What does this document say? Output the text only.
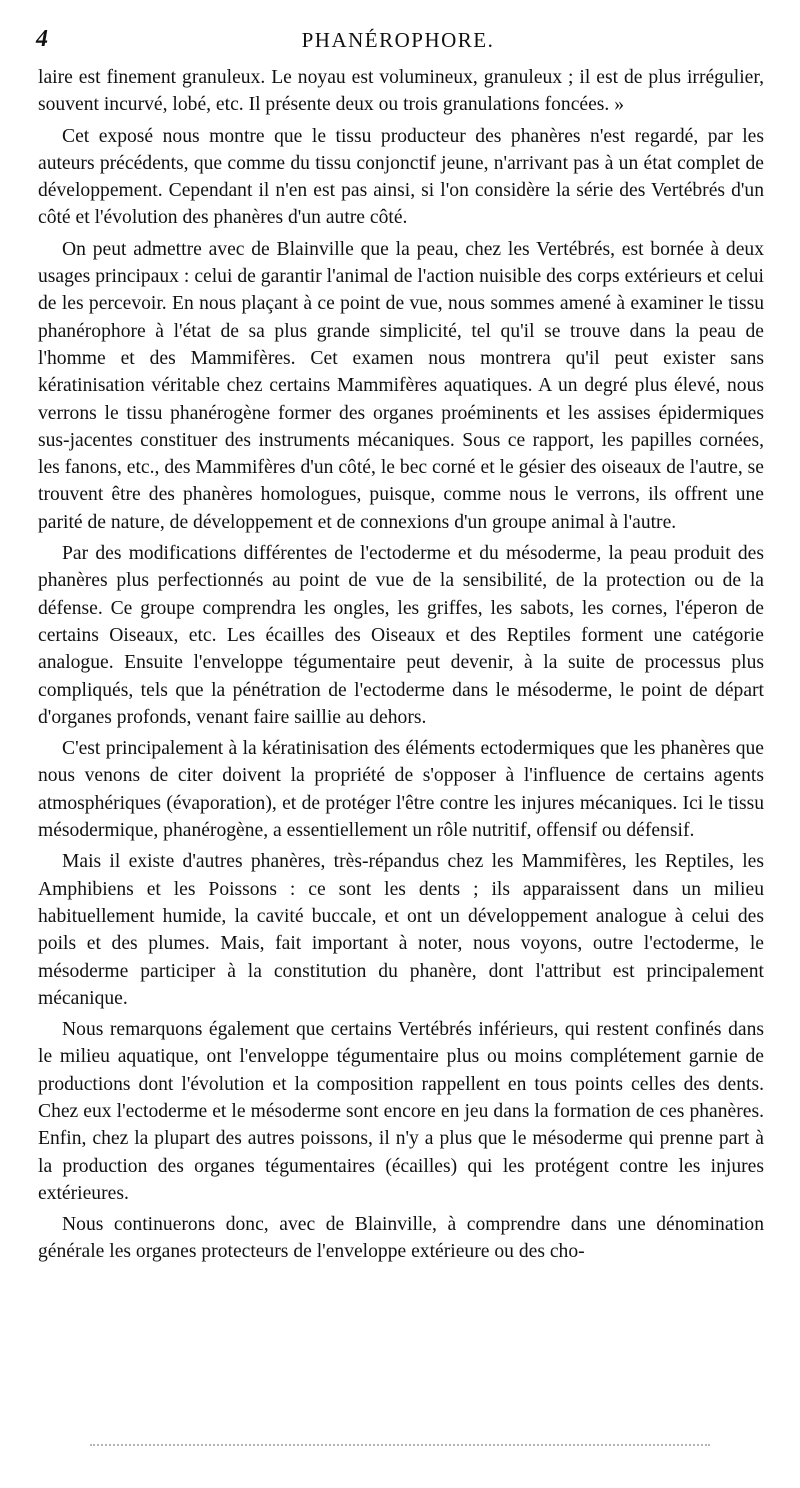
4	PHANÉROPHORE.

laire est finement granuleux. Le noyau est volumineux, granuleux ; il est de plus irrégulier, souvent incurvé, lobé, etc. Il présente deux ou trois granulations foncées. »

Cet exposé nous montre que le tissu producteur des phanères n'est regardé, par les auteurs précédents, que comme du tissu conjonctif jeune, n'arrivant pas à un état complet de développement. Cependant il n'en est pas ainsi, si l'on considère la série des Vertébrés d'un côté et l'évolution des phanères d'un autre côté.

On peut admettre avec de Blainville que la peau, chez les Vertébrés, est bornée à deux usages principaux : celui de garantir l'animal de l'action nuisible des corps extérieurs et celui de les percevoir. En nous plaçant à ce point de vue, nous sommes amené à examiner le tissu phanérophore à l'état de sa plus grande simplicité, tel qu'il se trouve dans la peau de l'homme et des Mammifères. Cet examen nous montrera qu'il peut exister sans kératinisation véritable chez certains Mammifères aquatiques. A un degré plus élevé, nous verrons le tissu phanérogène former des organes proéminents et les assises épidermiques sus-jacentes constituer des instruments mécaniques. Sous ce rapport, les papilles cornées, les fanons, etc., des Mammifères d'un côté, le bec corné et le gésier des oiseaux de l'autre, se trouvent être des phanères homologues, puisque, comme nous le verrons, ils offrent une parité de nature, de développement et de connexions d'un groupe animal à l'autre.

Par des modifications différentes de l'ectoderme et du mésoderme, la peau produit des phanères plus perfectionnés au point de vue de la sensibilité, de la protection ou de la défense. Ce groupe comprendra les ongles, les griffes, les sabots, les cornes, l'éperon de certains Oiseaux, etc. Les écailles des Oiseaux et des Reptiles forment une catégorie analogue. Ensuite l'enveloppe tégumentaire peut devenir, à la suite de processus plus compliqués, tels que la pénétration de l'ectoderme dans le mésoderme, le point de départ d'organes profonds, venant faire saillie au dehors.

C'est principalement à la kératinisation des éléments ectodermiques que les phanères que nous venons de citer doivent la propriété de s'opposer à l'influence de certains agents atmosphériques (évaporation), et de protéger l'être contre les injures mécaniques. Ici le tissu mésodermique, phanérogène, a essentiellement un rôle nutritif, offensif ou défensif.

Mais il existe d'autres phanères, très-répandus chez les Mammifères, les Reptiles, les Amphibiens et les Poissons : ce sont les dents ; ils apparaissent dans un milieu habituellement humide, la cavité buccale, et ont un développement analogue à celui des poils et des plumes. Mais, fait important à noter, nous voyons, outre l'ectoderme, le mésoderme participer à la constitution du phanère, dont l'attribut est principalement mécanique.

Nous remarquons également que certains Vertébrés inférieurs, qui restent confinés dans le milieu aquatique, ont l'enveloppe tégumentaire plus ou moins complétement garnie de productions dont l'évolution et la composition rappellent en tous points celles des dents. Chez eux l'ectoderme et le mésoderme sont encore en jeu dans la formation de ces phanères. Enfin, chez la plupart des autres poissons, il n'y a plus que le mésoderme qui prenne part à la production des organes tégumentaires (écailles) qui les protégent contre les injures extérieures.

Nous continuerons donc, avec de Blainville, à comprendre dans une dénomination générale les organes protecteurs de l'enveloppe extérieure ou des cho-
